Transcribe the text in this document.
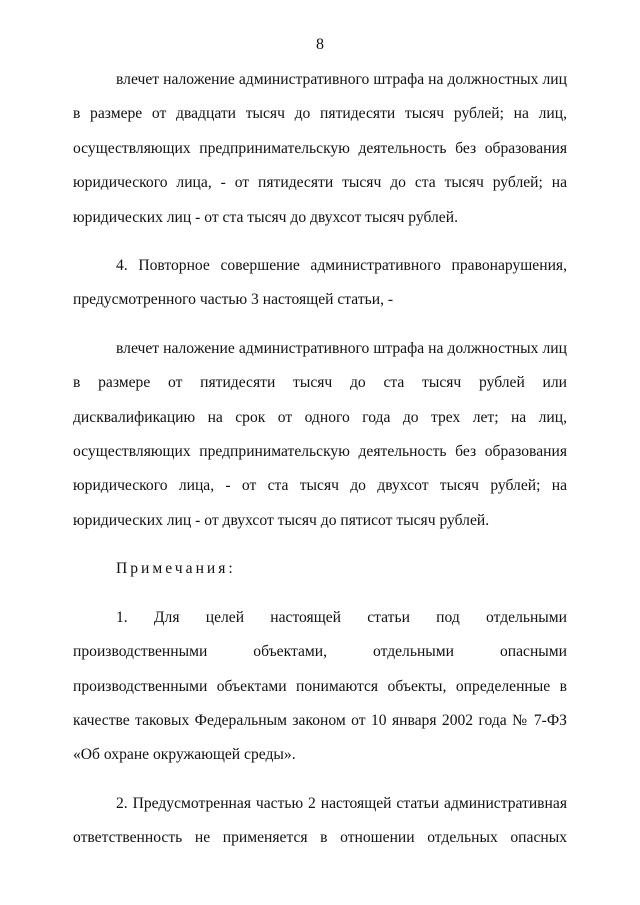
8

влечет наложение административного штрафа на должностных лиц в размере от двадцати тысяч до пятидесяти тысяч рублей; на лиц, осуществляющих предпринимательскую деятельность без образования юридического лица, - от пятидесяти тысяч до ста тысяч рублей; на юридических лиц - от ста тысяч до двухсот тысяч рублей.

4. Повторное совершение административного правонарушения, предусмотренного частью 3 настоящей статьи, -

влечет наложение административного штрафа на должностных лиц в размере от пятидесяти тысяч до ста тысяч рублей или дисквалификацию на срок от одного года до трех лет; на лиц, осуществляющих предпринимательскую деятельность без образования юридического лица, - от ста тысяч до двухсот тысяч рублей; на юридических лиц - от двухсот тысяч до пятисот тысяч рублей.

Примечания:

1. Для целей настоящей статьи под отдельными производственными объектами, отдельными опасными производственными объектами понимаются объекты, определенные в качестве таковых Федеральным законом от 10 января 2002 года № 7-ФЗ «Об охране окружающей среды».

2. Предусмотренная частью 2 настоящей статьи административная ответственность не применяется в отношении отдельных опасных
